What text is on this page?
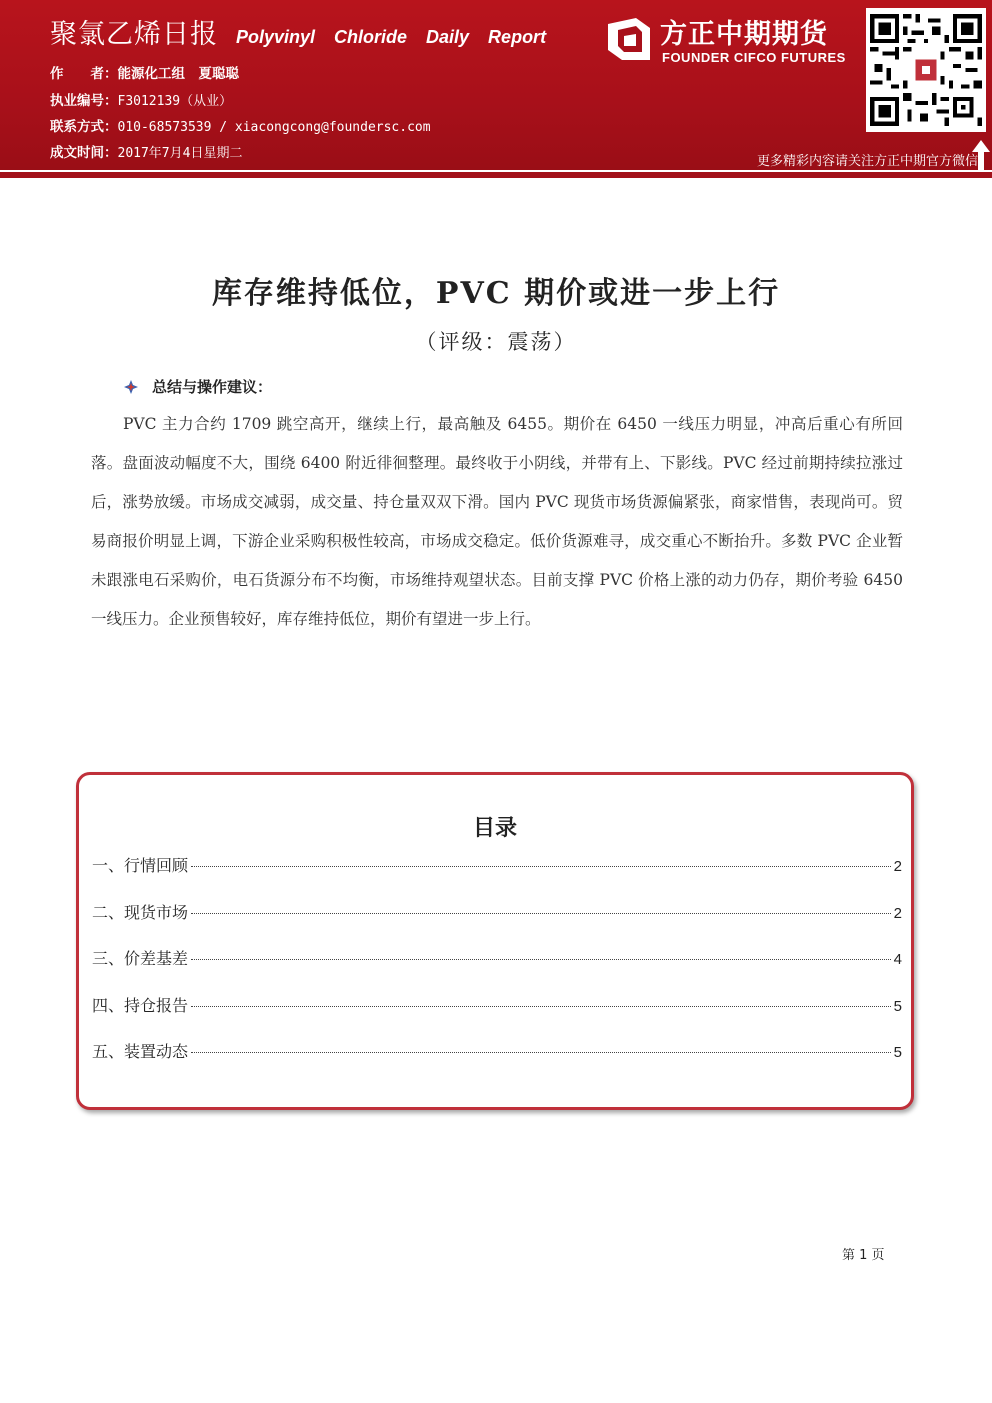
聚氯乙烯日报 Polyvinyl Chloride Daily Report
作　　者：能源化工组　夏聪聪
执业编号：F3012139（从业）
联系方式：010-68573539 / xiacongcong@foundersc.com
成文时间：2017年7月4日星期二
方正中期期货
FOUNDER CIFCO FUTURES
更多精彩内容请关注方正中期官方微信
库存维持低位，PVC 期价或进一步上行
（评级：震荡）
总结与操作建议：

PVC 主力合约 1709 跳空高开，继续上行，最高触及 6455。期价在 6450 一线压力明显，冲高后重心有所回落。盘面波动幅度不大，围绕 6400 附近徘徊整理。最终收于小阴线，并带有上、下影线。PVC 经过前期持续拉涨过后，涨势放缓。市场成交减弱，成交量、持仓量双双下滑。国内 PVC 现货市场货源偏紧张，商家惜售，表现尚可。贸易商报价明显上调，下游企业采购积极性较高，市场成交稳定。低价货源难寻，成交重心不断抬升。多数 PVC 企业暂未跟涨电石采购价，电石货源分布不均衡，市场维持观望状态。目前支撑 PVC 价格上涨的动力仍存，期价考验 6450 一线压力。企业预售较好，库存维持低位，期价有望进一步上行。

目录
一、行情回顾	2
二、现货市场	2
三、价差基差	4
四、持仓报告	5
五、装置动态	5
第 1 页
